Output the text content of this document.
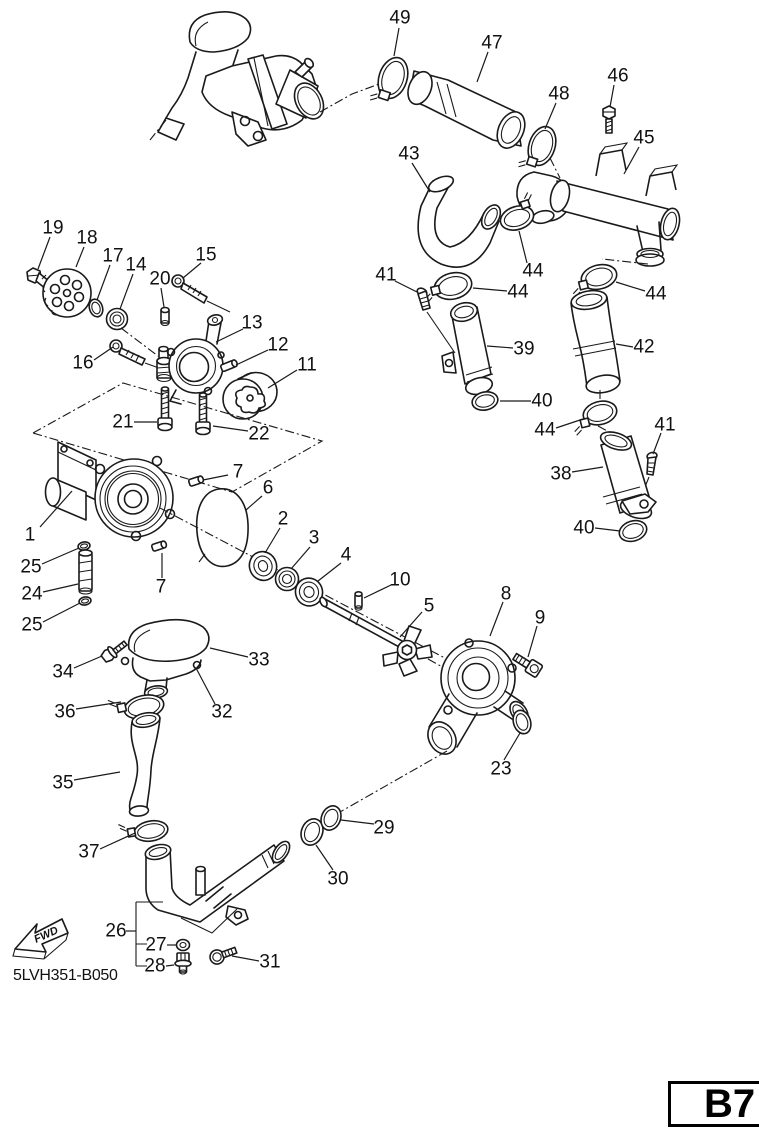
FWD
1
2
3
4
5
6
7
7	8
9
10
11
12
13
14	15
16
17
18
19
20
21
22
23
24
25
25
26
27
28
29
30
31
32
33
34
35
36
37
38
39
40
40
41
41
42
43
44
44	44
44
45
46
47
48
49
5LVH351-B050
B7
